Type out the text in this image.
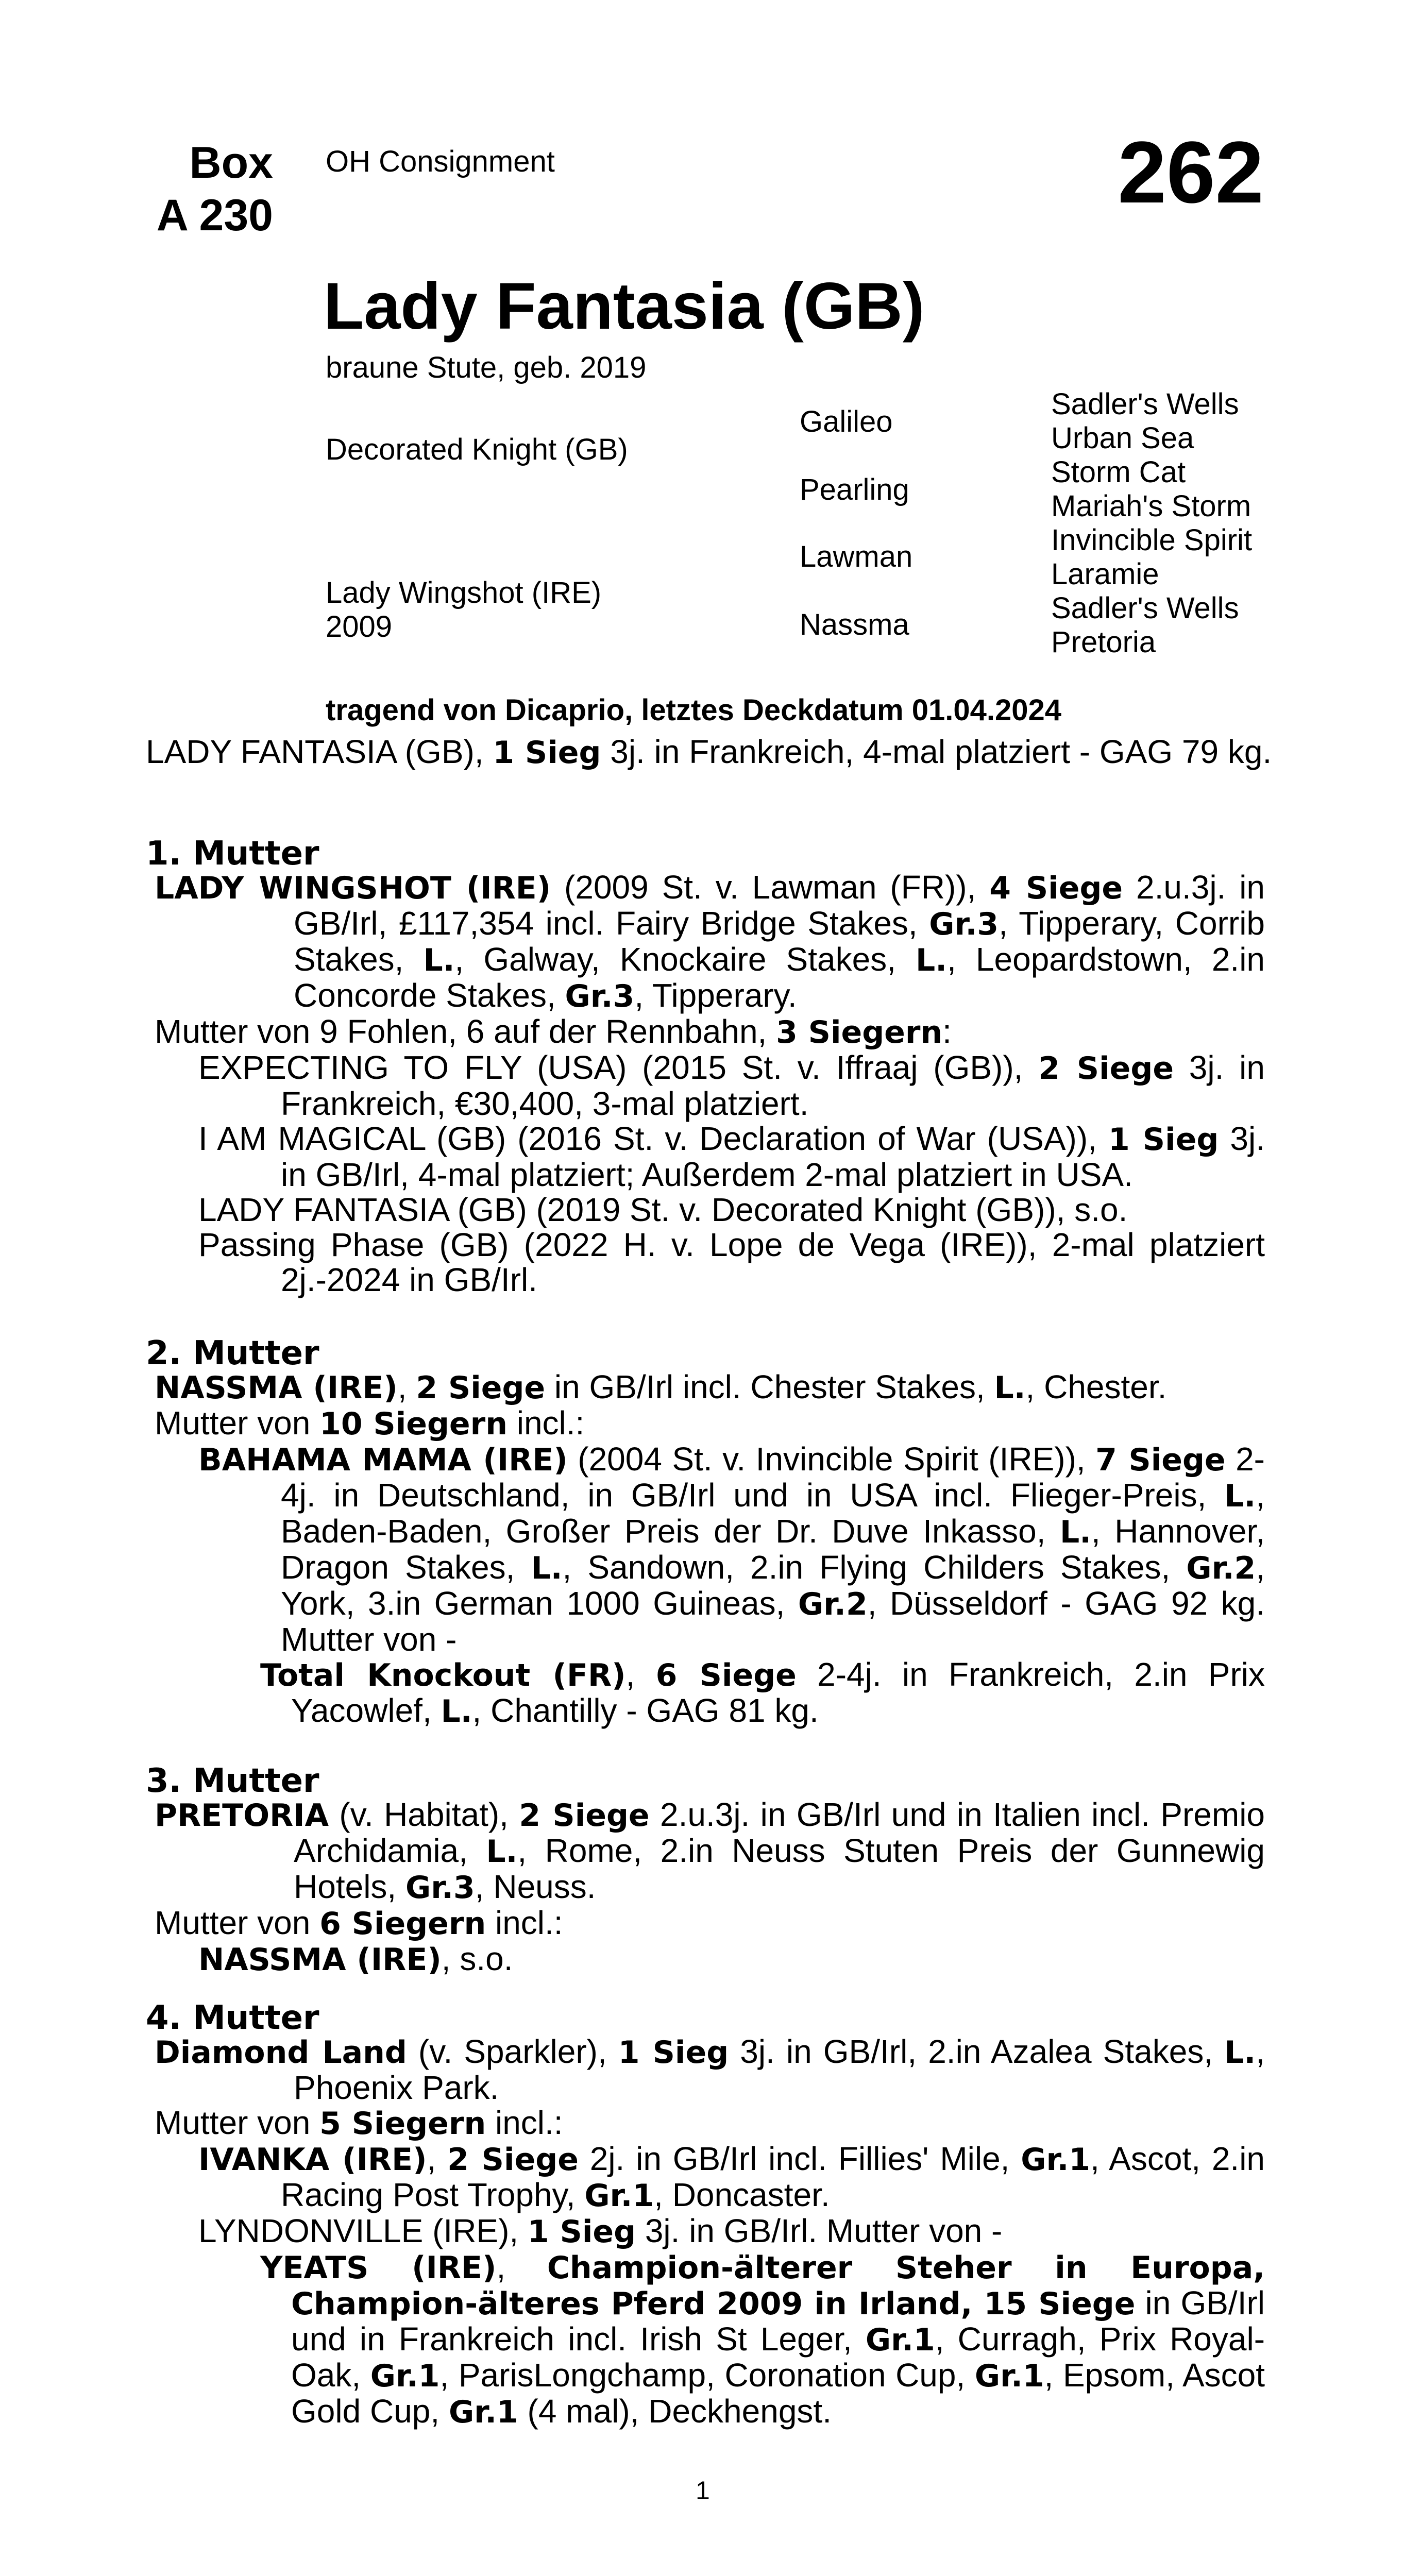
Box
A 230
OH Consignment	262
Lady Fantasia (GB)
braune Stute, geb. 2019
Decorated Knight (GB)
Lady Wingshot (IRE)
2009
Galileo
Pearling
Lawman
Nassma
Sadler's Wells
Urban Sea
Storm Cat
Mariah's Storm
Invincible Spirit
Laramie
Sadler's Wells
Pretoria
tragend von Dicaprio, letztes Deckdatum 01.04.2024
LADY FANTASIA (GB), 1 Sieg 3j. in Frankreich, 4-mal platziert - GAG 79 kg.
1. Mutter
LADY WINGSHOT (IRE) (2009 St. v. Lawman (FR)), 4 Siege 2.u.3j. in GB/Irl, £117,354 incl. Fairy Bridge Stakes, Gr.3, Tipperary, Corrib Stakes, L., Galway, Knockaire Stakes, L., Leopardstown, 2.in Concorde Stakes, Gr.3, Tipperary.
Mutter von 9 Fohlen, 6 auf der Rennbahn, 3 Siegern:
EXPECTING TO FLY (USA) (2015 St. v. Iffraaj (GB)), 2 Siege 3j. in Frankreich, €30,400, 3-mal platziert.
I AM MAGICAL (GB) (2016 St. v. Declaration of War (USA)), 1 Sieg 3j. in GB/Irl, 4-mal platziert; Außerdem 2-mal platziert in USA.
LADY FANTASIA (GB) (2019 St. v. Decorated Knight (GB)), s.o.
Passing Phase (GB) (2022 H. v. Lope de Vega (IRE)), 2-mal platziert 2j.-2024 in GB/Irl.
2. Mutter
NASSMA (IRE), 2 Siege in GB/Irl incl. Chester Stakes, L., Chester.
Mutter von 10 Siegern incl.:
BAHAMA MAMA (IRE) (2004 St. v. Invincible Spirit (IRE)), 7 Siege 2-4j. in Deutschland, in GB/Irl und in USA incl. Flieger-Preis, L., Baden-Baden, Großer Preis der Dr. Duve Inkasso, L., Hannover, Dragon Stakes, L., Sandown, 2.in Flying Childers Stakes, Gr.2, York, 3.in German 1000 Guineas, Gr.2, Düsseldorf - GAG 92 kg. Mutter von -
Total Knockout (FR), 6 Siege 2-4j. in Frankreich, 2.in Prix Yacowlef, L., Chantilly - GAG 81 kg.
3. Mutter
PRETORIA (v. Habitat), 2 Siege 2.u.3j. in GB/Irl und in Italien incl. Premio Archidamia, L., Rome, 2.in Neuss Stuten Preis der Gunnewig Hotels, Gr.3, Neuss.
Mutter von 6 Siegern incl.:
NASSMA (IRE), s.o.
4. Mutter
Diamond Land (v. Sparkler), 1 Sieg 3j. in GB/Irl, 2.in Azalea Stakes, L., Phoenix Park.
Mutter von 5 Siegern incl.:
IVANKA (IRE), 2 Siege 2j. in GB/Irl incl. Fillies' Mile, Gr.1, Ascot, 2.in Racing Post Trophy, Gr.1, Doncaster.
LYNDONVILLE (IRE), 1 Sieg 3j. in GB/Irl. Mutter von -
YEATS (IRE), Champion-älterer Steher in Europa, Champion-älteres Pferd 2009 in Irland, 15 Siege in GB/Irl und in Frankreich incl. Irish St Leger, Gr.1, Curragh, Prix Royal-Oak, Gr.1, ParisLongchamp, Coronation Cup, Gr.1, Epsom, Ascot Gold Cup, Gr.1 (4 mal), Deckhengst.
1
